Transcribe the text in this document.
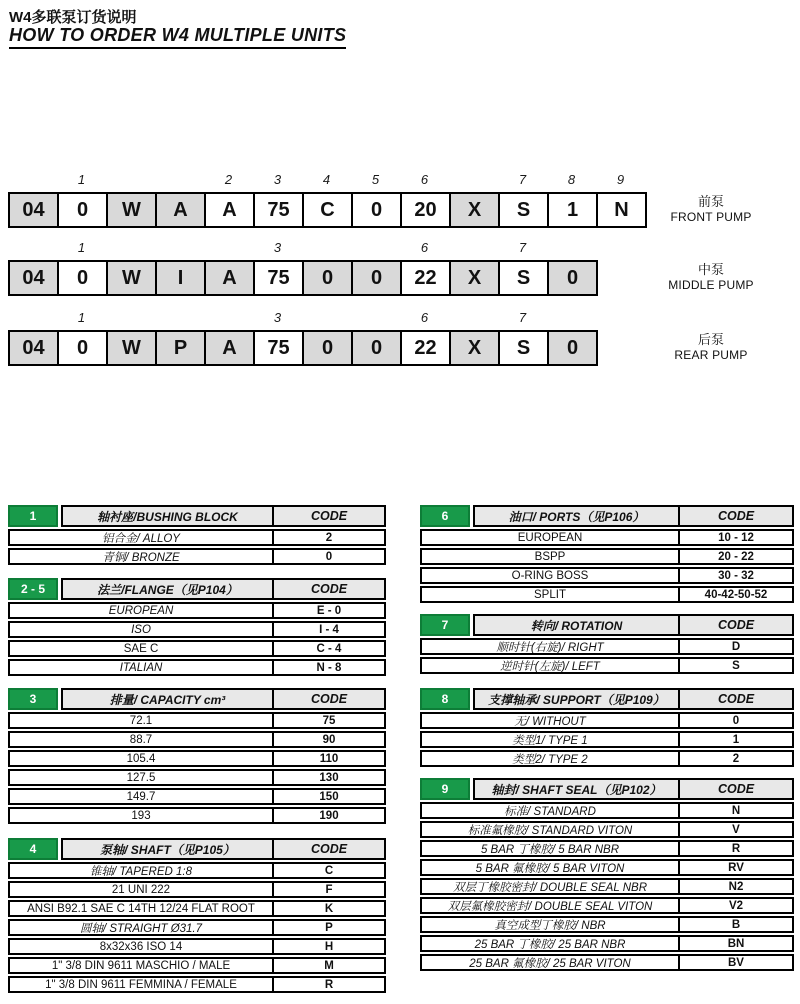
W4多联泵订货说明
HOW TO ORDER W4 MULTIPLE UNITS
1	2	3	4	5	6	7	8	9
04	0	W	A	A	75	C	0	20	X	S	1	N	前泵
FRONT PUMP
1	3	6	7
04	0	W	I	A	75	0	0	22	X	S	0	中泵
MIDDLE PUMP
1	3	6	7
04	0	W	P	A	75	0	0	22	X	S	0	后泵
REAR PUMP
1	轴衬座/BUSHING BLOCK	CODE
铝合金/ ALLOY	2
青铜/ BRONZE	0
2 - 5	法兰/FLANGE（见P104）	CODE
EUROPEAN	E - 0
ISO	I - 4
SAE C	C - 4
ITALIAN	N - 8
3	排量/ CAPACITY cm³	CODE
72.1	75
88.7	90
105.4	110
127.5	130
149.7	150
193	190
4	泵轴/ SHAFT（见P105）	CODE
锥轴/ TAPERED 1:8	C
21 UNI 222	F
ANSI B92.1 SAE C 14TH 12/24 FLAT ROOT	K
圆轴/ STRAIGHT Ø31.7	P
8x32x36 ISO 14	H
1" 3/8 DIN 9611 MASCHIO / MALE	M
1" 3/8 DIN 9611 FEMMINA / FEMALE	R
6	油口/ PORTS（见P106）	CODE
EUROPEAN	10 - 12
BSPP	20 - 22
O-RING BOSS	30 - 32
SPLIT	40-42-50-52
7	转向/ ROTATION	CODE
顺时针(右旋)/ RIGHT	D
逆时针(左旋)/ LEFT	S
8	支撑轴承/ SUPPORT（见P109）	CODE
无/ WITHOUT	0
类型1/ TYPE 1	1
类型2/ TYPE 2	2
9	轴封/ SHAFT SEAL（见P102）	CODE
标准/ STANDARD	N
标准氟橡胶/ STANDARD VITON	V
5 BAR 丁橡胶/ 5 BAR NBR	R
5 BAR 氟橡胶/ 5 BAR VITON	RV
双层丁橡胶密封/ DOUBLE SEAL NBR	N2
双层氟橡胶密封/ DOUBLE SEAL VITON	V2
真空成型丁橡胶/ NBR	B
25 BAR 丁橡胶/ 25 BAR NBR	BN
25 BAR 氟橡胶/ 25 BAR VITON	BV
